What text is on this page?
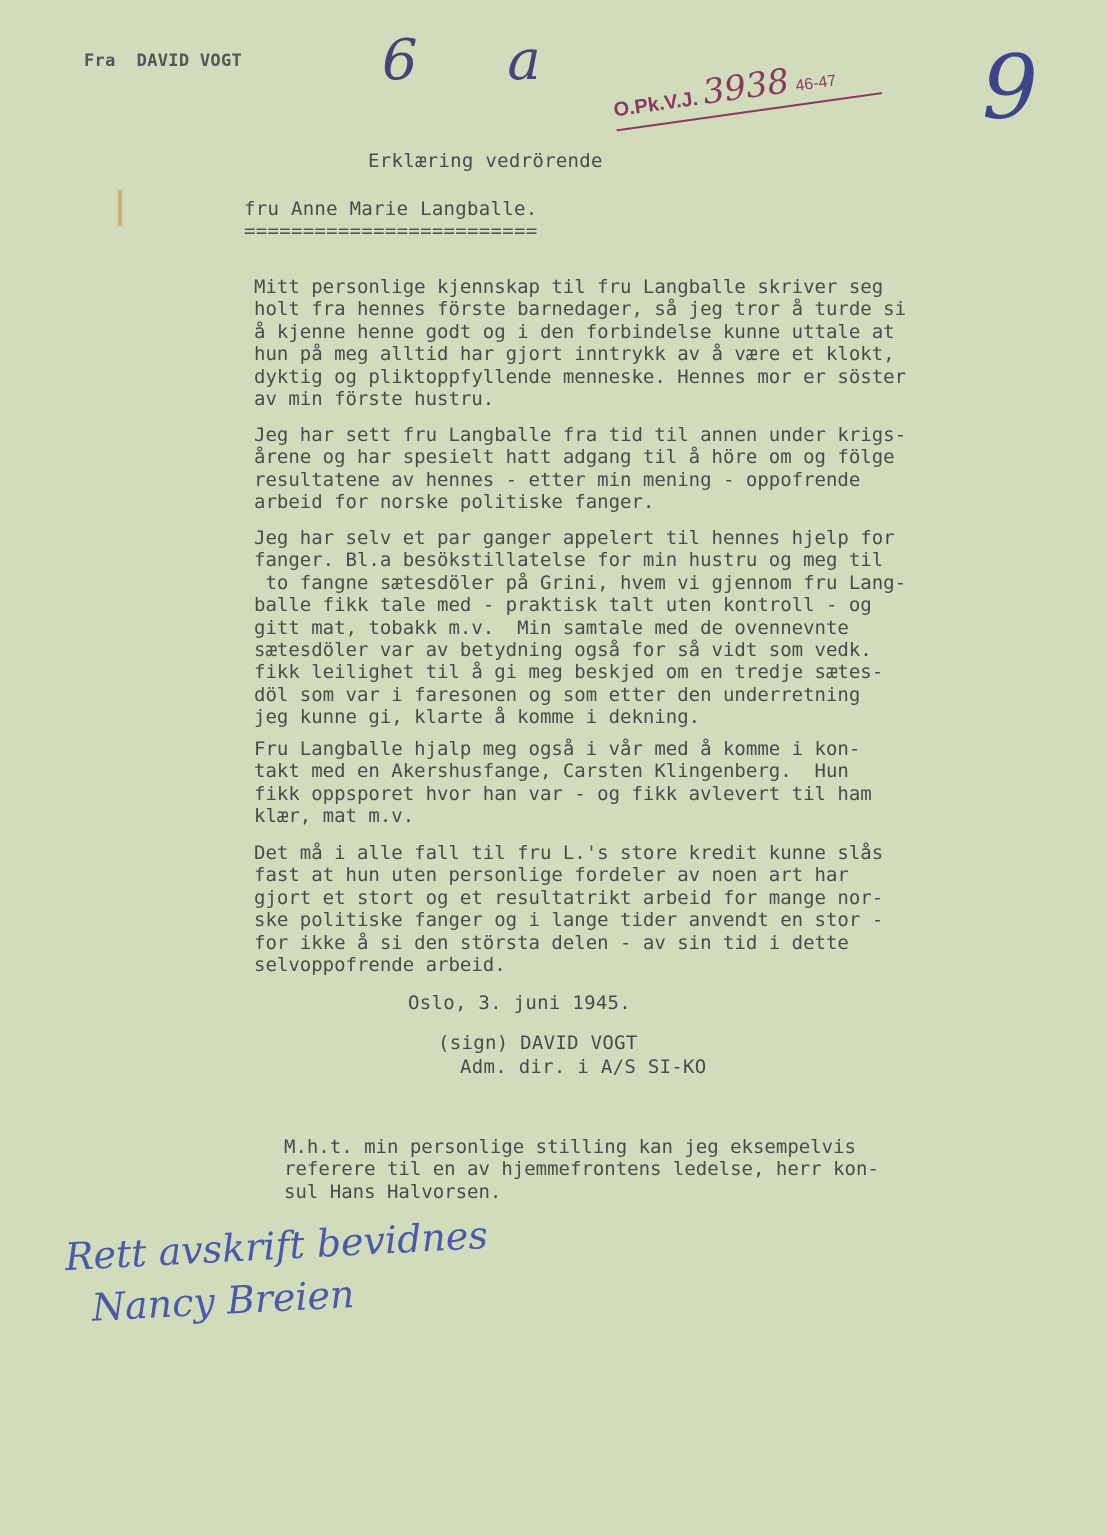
Fra  DAVID VOGT 6 a
O.Pk.V.J.3938 46-47 9
Erklæring vedrörende
fru Anne Marie Langballe.
=========================
Mitt personlige kjennskap til fru Langballe skriver seg
holt fra hennes förste barnedager, så jeg tror å turde si
å kjenne henne godt og i den forbindelse kunne uttale at
hun på meg alltid har gjort inntrykk av å være et klokt,
dyktig og pliktoppfyllende menneske. Hennes mor er söster
av min förste hustru.
Jeg har sett fru Langballe fra tid til annen under krigs-
årene og har spesielt hatt adgang til å höre om og fölge
resultatene av hennes - etter min mening - oppofrende
arbeid for norske politiske fanger.
Jeg har selv et par ganger appelert til hennes hjelp for
fanger. Bl.a besökstillatelse for min hustru og meg til
to fangne sætesdöler på Grini, hvem vi gjennom fru Lang-
balle fikk tale med - praktisk talt uten kontroll - og
gitt mat, tobakk m.v.  Min samtale med de ovennevnte
sætesdöler var av betydning også for så vidt som vedk.
fikk leilighet til å gi meg beskjed om en tredje sætes-
döl som var i faresonen og som etter den underretning
jeg kunne gi, klarte å komme i dekning.
Fru Langballe hjalp meg også i vår med å komme i kon-
takt med en Akershusfange, Carsten Klingenberg.  Hun
fikk oppsporet hvor han var - og fikk avlevert til ham
klær, mat m.v.
Det må i alle fall til fru L.'s store kredit kunne slås
fast at hun uten personlige fordeler av noen art har
gjort et stort og et resultatrikt arbeid for mange nor-
ske politiske fanger og i lange tider anvendt en stor -
for ikke å si den största delen - av sin tid i dette
selvoppofrende arbeid.
Oslo, 3. juni 1945.
(sign) DAVID VOGT
Adm. dir. i A/S SI-KO
M.h.t. min personlige stilling kan jeg eksempelvis
referere til en av hjemmefrontens ledelse, herr kon-
sul Hans Halvorsen.
Rett avskrift bevidnes
Nancy Breien
